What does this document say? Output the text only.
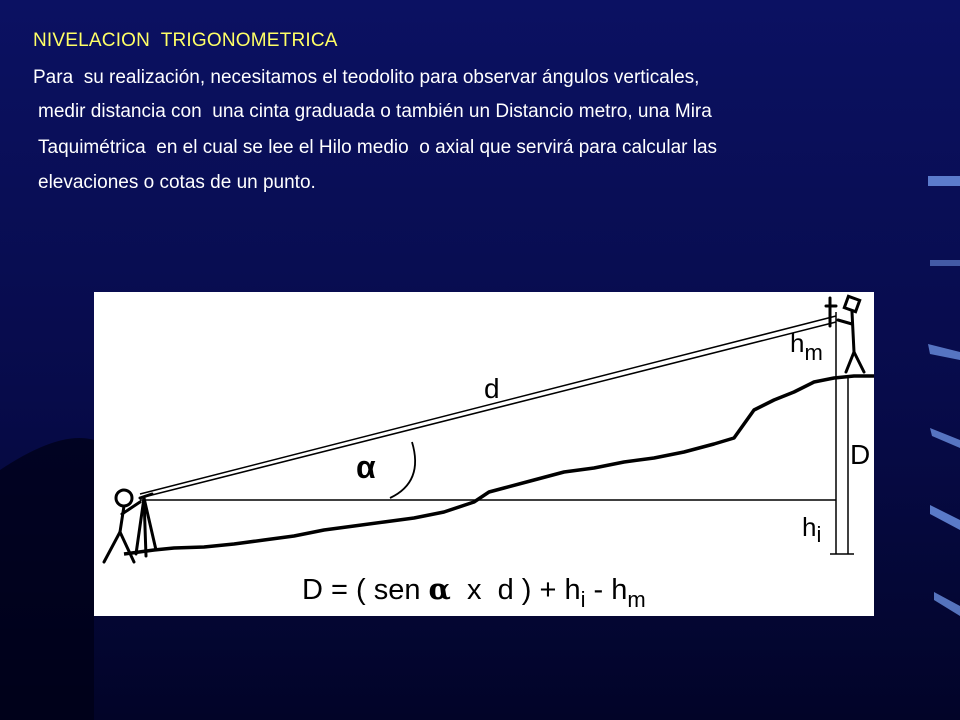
NIVELACION  TRIGONOMETRICA
Para  su realización, necesitamos el teodolito para observar ángulos verticales,
medir distancia con  una cinta graduada o también un Distancio metro, una Mira
Taquimétrica  en el cual se lee el Hilo medio  o axial que servirá para calcular las
elevaciones o cotas de un punto.
d
α	D
$h_m$
$h_i$
D = ( sen α  x  d ) + $h_i - h_m$
